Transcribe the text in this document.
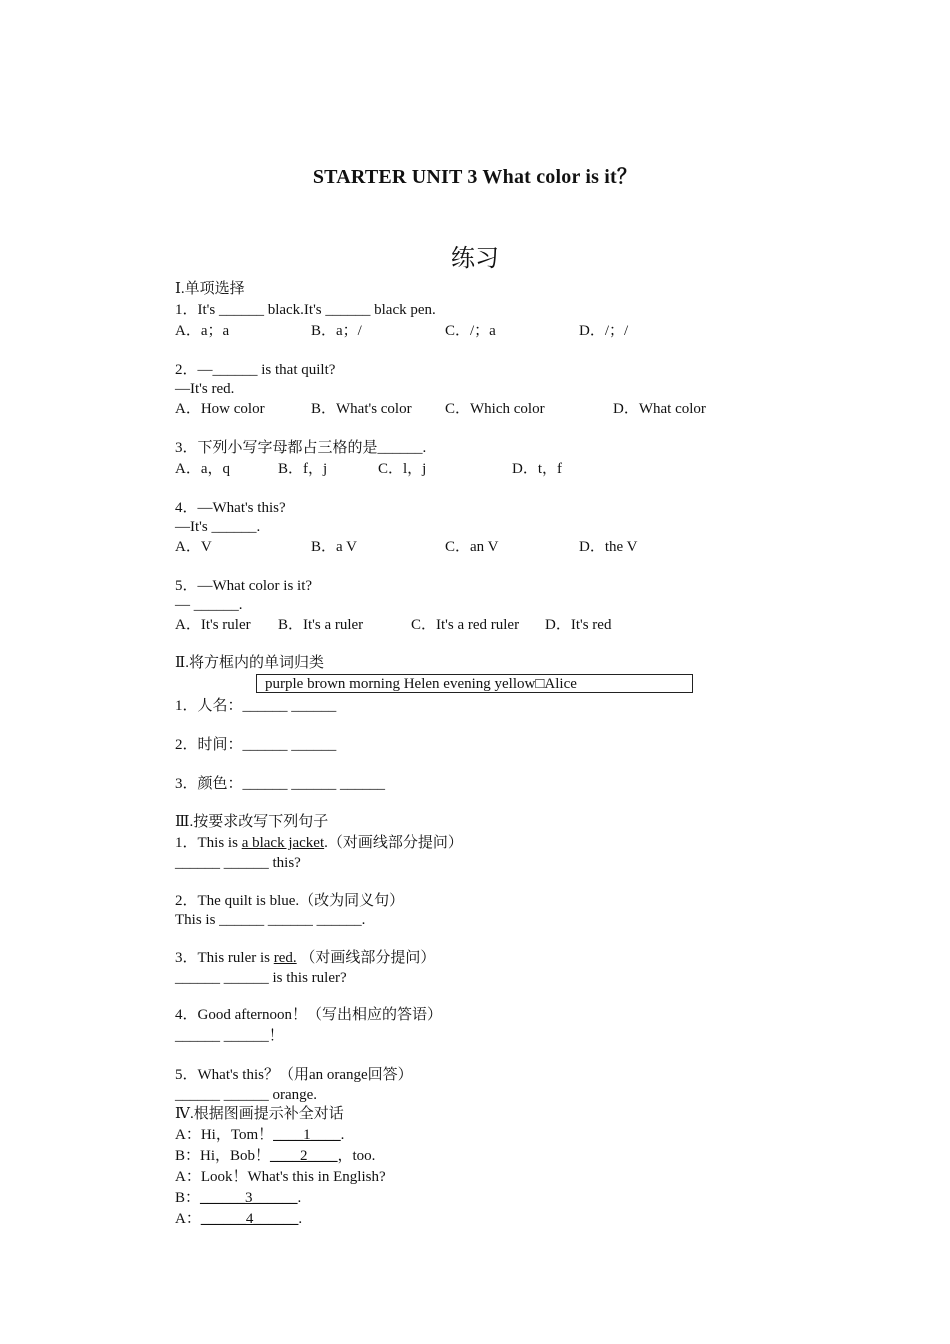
STARTER UNIT 3 What color is it？
练习
Ⅰ.单项选择
1．It's ______ black.It's ______ black pen.
A．a；a	B．a；/	C．/；a	D．/；/
2．—______ is that quilt?
—It's red.
A．How color	B．What's color C．Which color	D．What color
3．下列小写字母都占三格的是______.
A．a，q	B．f，j	C．l，j	D．t，f
4．—What's this?
—It's ______.
A．V	B．a V	C．an V	D．the V
5．—What color is it?
— ______.
A．It's ruler B．It's a ruler	C．It's a red ruler D．It's red
Ⅱ.将方框内的单词归类
purple brown morning Helen evening yellow□Alice
1．人名：______ ______
2．时间：______ ______
3．颜色：______ ______ ______
Ⅲ.按要求改写下列句子
1．This is a black jacket.（对画线部分提问）
______ ______ this?
2．The quilt is blue.（改为同义句）
This is ______ ______ ______.
3．This ruler is red. （对画线部分提问）
______ ______ is this ruler?
4．Good afternoon！（写出相应的答语）
______ ______！
5．What's this？（用an orange回答）
______ ______ orange.
Ⅳ.根据图画提示补全对话
A：Hi，Tom！____1____.
B：Hi，Bob！____2____，too.
A：Look！What's this in English?
B：______3______.
A：______4______.
